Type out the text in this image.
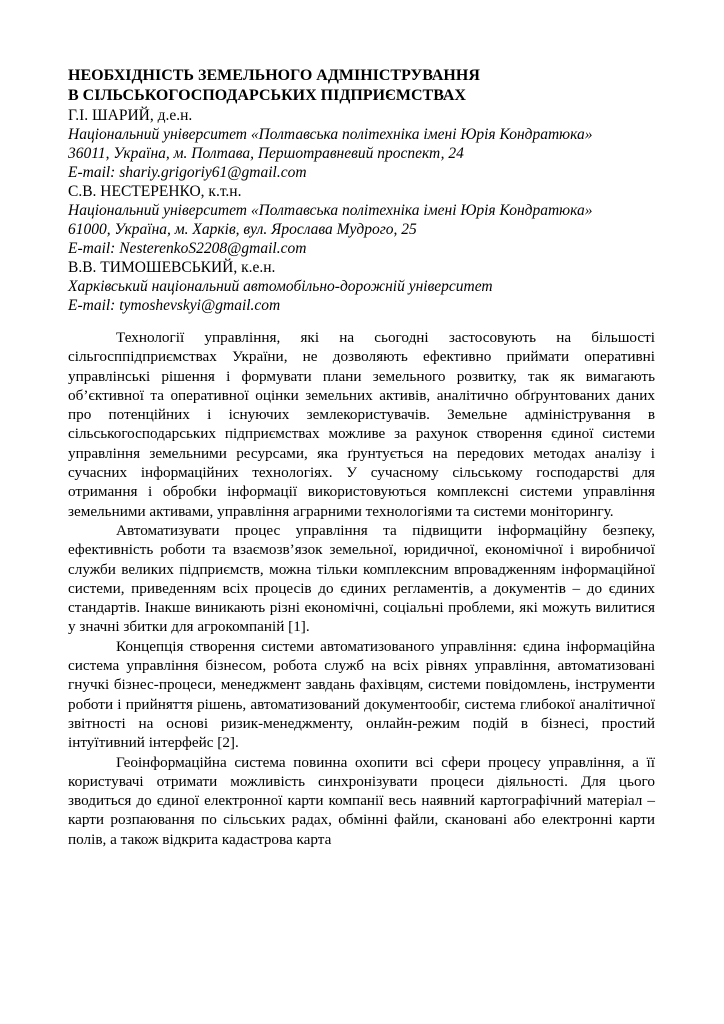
НЕОБХІДНІСТЬ ЗЕМЕЛЬНОГО АДМІНІСТРУВАННЯ
В СІЛЬСЬКОГОСПОДАРСЬКИХ ПІДПРИЄМСТВАХ
Г.І. ШАРИЙ, д.е.н.
Національний університет «Полтавська політехніка імені Юрія Кондратюка»
36011, Україна, м. Полтава, Першотравневий проспект, 24
E-mail: shariy.grigoriy61@gmail.com
С.В. НЕСТЕРЕНКО, к.т.н.
Національний університет «Полтавська політехніка імені Юрія Кондратюка»
61000, Україна, м. Харків, вул. Ярослава Мудрого, 25
E-mail: NesterenkoS2208@gmail.com
В.В. ТИМОШЕВСЬКИЙ, к.е.н.
Харківський національний автомобільно-дорожній університет
E-mail: tymoshevskyi@gmail.com

Технології управління, які на сьогодні застосовують на більшості сільгосппідприємствах України, не дозволяють ефективно приймати оперативні управлінські рішення і формувати плани земельного розвитку, так як вимагають об’єктивної та оперативної оцінки земельних активів, аналітично обґрунтованих даних про потенційних і існуючих землекористувачів. Земельне адміністрування в сільськогосподарських підприємствах можливе за рахунок створення єдиної системи управління земельними ресурсами, яка ґрунтується на передових методах аналізу і сучасних інформаційних технологіях. У сучасному сільському господарстві для отримання і обробки інформації використовуються комплексні системи управління земельними активами, управління аграрними технологіями та системи моніторингу.

Автоматизувати процес управління та підвищити інформаційну безпеку, ефективність роботи та взаємозв’язок земельної, юридичної, економічної і виробничої служби великих підприємств, можна тільки комплексним впровадженням інформаційної системи, приведенням всіх процесів до єдиних регламентів, а документів – до єдиних стандартів. Інакше виникають різні економічні, соціальні проблеми, які можуть вилитися у значні збитки для агрокомпаній [1].

Концепція створення системи автоматизованого управління: єдина інформаційна система управління бізнесом, робота служб на всіх рівнях управління, автоматизовані гнучкі бізнес-процеси, менеджмент завдань фахівцям, системи повідомлень, інструменти роботи і прийняття рішень, автоматизований документообіг, система глибокої аналітичної звітності на основі ризик-менеджменту, онлайн-режим подій в бізнесі, простий інтуїтивний інтерфейс [2].

Геоінформаційна система повинна охопити всі сфери процесу управління, а її користувачі отримати можливість синхронізувати процеси діяльності. Для цього зводиться до єдиної електронної карти компанії весь наявний картографічний матеріал – карти розпаювання по сільських радах, обмінні файли, скановані або електронні карти полів, а також відкрита кадастрова карта
